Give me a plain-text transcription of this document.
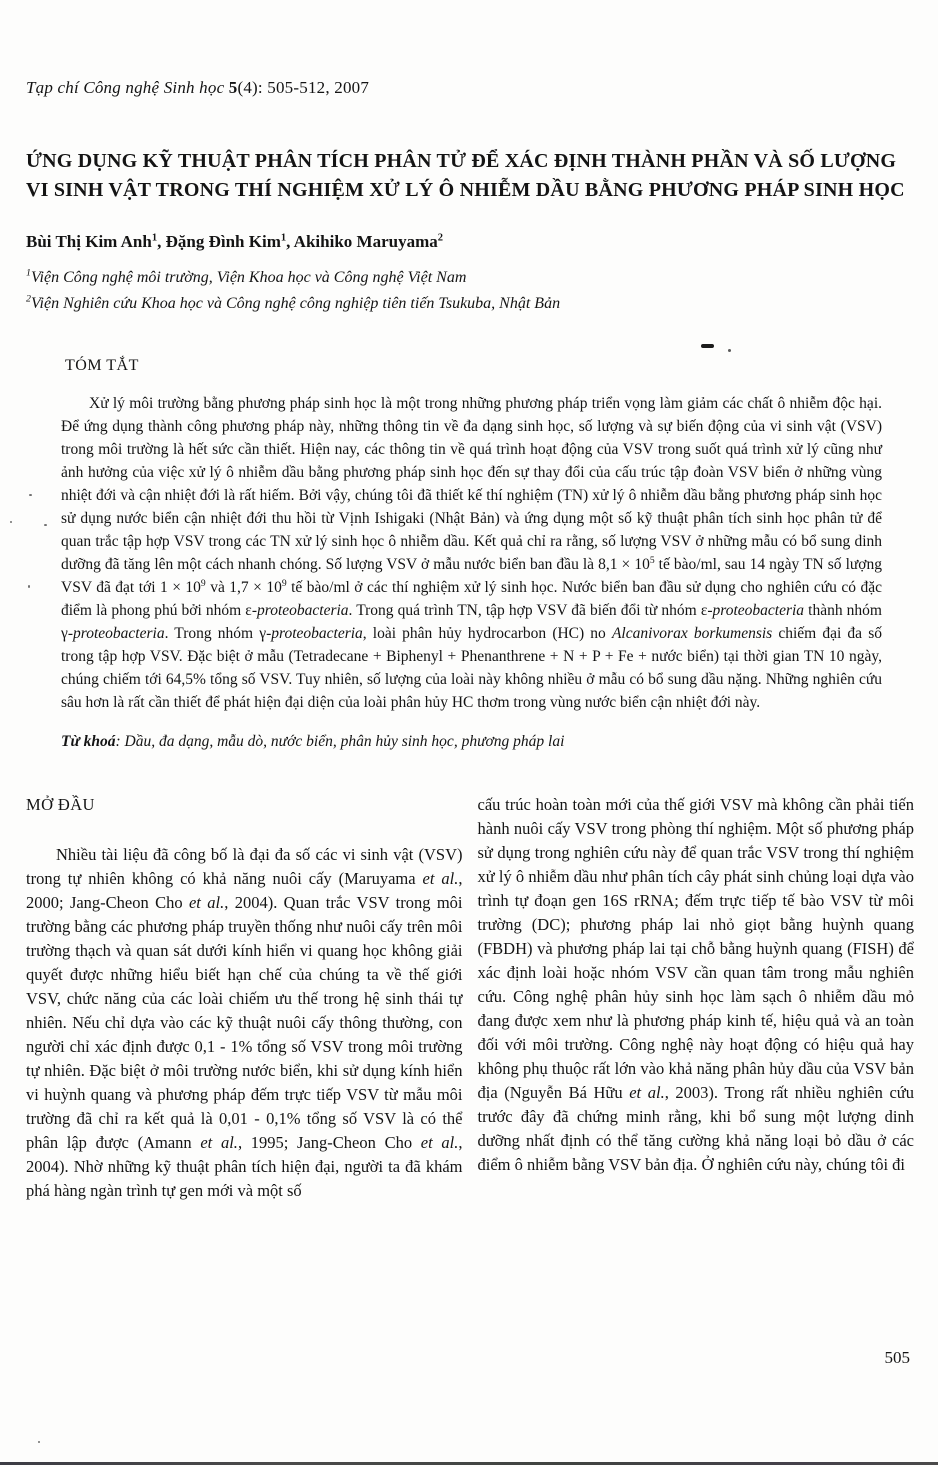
Tạp chí Công nghệ Sinh học 5(4): 505-512, 2007
ỨNG DỤNG KỸ THUẬT PHÂN TÍCH PHÂN TỬ ĐỂ XÁC ĐỊNH THÀNH PHẦN VÀ SỐ LƯỢNG VI SINH VẬT TRONG THÍ NGHIỆM XỬ LÝ Ô NHIỄM DẦU BẰNG PHƯƠNG PHÁP SINH HỌC
Bùi Thị Kim Anh$^1$, Đặng Đình Kim$^1$, Akihiko Maruyama$^2$
$^1$Viện Công nghệ môi trường, Viện Khoa học và Công nghệ Việt Nam
$^2$Viện Nghiên cứu Khoa học và Công nghệ công nghiệp tiên tiến Tsukuba, Nhật Bản
TÓM TẮT

Xử lý môi trường bằng phương pháp sinh học là một trong những phương pháp triển vọng làm giảm các chất ô nhiễm độc hại. Để ứng dụng thành công phương pháp này, những thông tin về đa dạng sinh học, số lượng và sự biến động của vi sinh vật (VSV) trong môi trường là hết sức cần thiết. Hiện nay, các thông tin về quá trình hoạt động của VSV trong suốt quá trình xử lý cũng như ảnh hưởng của việc xử lý ô nhiễm dầu bằng phương pháp sinh học đến sự thay đổi của cấu trúc tập đoàn VSV biển ở những vùng nhiệt đới và cận nhiệt đới là rất hiếm. Bởi vậy, chúng tôi đã thiết kế thí nghiệm (TN) xử lý ô nhiễm dầu bằng phương pháp sinh học sử dụng nước biển cận nhiệt đới thu hồi từ Vịnh Ishigaki (Nhật Bản) và ứng dụng một số kỹ thuật phân tích sinh học phân tử để quan trắc tập hợp VSV trong các TN xử lý sinh học ô nhiễm dầu. Kết quả chỉ ra rằng, số lượng VSV ở những mẫu có bổ sung dinh dưỡng đã tăng lên một cách nhanh chóng. Số lượng VSV ở mẫu nước biển ban đầu là $8,1 \times 10^5$ tế bào/ml, sau 14 ngày TN số lượng VSV đã đạt tới $1 \times 10^9$ và $1,7 \times 10^9$ tế bào/ml ở các thí nghiệm xử lý sinh học. Nước biển ban đầu sử dụng cho nghiên cứu có đặc điểm là phong phú bởi nhóm ε-proteobacteria. Trong quá trình TN, tập hợp VSV đã biến đổi từ nhóm ε-proteobacteria thành nhóm γ-proteobacteria. Trong nhóm γ-proteobacteria, loài phân hủy hydrocarbon (HC) no Alcanivorax borkumensis chiếm đại đa số trong tập hợp VSV. Đặc biệt ở mẫu (Tetradecane + Biphenyl + Phenanthrene + N + P + Fe + nước biển) tại thời gian TN 10 ngày, chúng chiếm tới 64,5% tổng số VSV. Tuy nhiên, số lượng của loài này không nhiều ở mẫu có bổ sung dầu nặng. Những nghiên cứu sâu hơn là rất cần thiết để phát hiện đại diện của loài phân hủy HC thơm trong vùng nước biển cận nhiệt đới này.

Từ khoá: Dầu, đa dạng, mẫu dò, nước biển, phân hủy sinh học, phương pháp lai
MỞ ĐẦU

Nhiều tài liệu đã công bố là đại đa số các vi sinh vật (VSV) trong tự nhiên không có khả năng nuôi cấy (Maruyama et al., 2000; Jang-Cheon Cho et al., 2004). Quan trắc VSV trong môi trường bằng các phương pháp truyền thống như nuôi cấy trên môi trường thạch và quan sát dưới kính hiển vi quang học không giải quyết được những hiểu biết hạn chế của chúng ta về thế giới VSV, chức năng của các loài chiếm ưu thế trong hệ sinh thái tự nhiên. Nếu chỉ dựa vào các kỹ thuật nuôi cấy thông thường, con người chỉ xác định được 0,1 - 1% tổng số VSV trong môi trường tự nhiên. Đặc biệt ở môi trường nước biển, khi sử dụng kính hiển vi huỳnh quang và phương pháp đếm trực tiếp VSV từ mẫu môi trường đã chỉ ra kết quả là 0,01 - 0,1% tổng số VSV là có thể phân lập được (Amann et al., 1995; Jang-Cheon Cho et al., 2004). Nhờ những kỹ thuật phân tích hiện đại, người ta đã khám phá hàng ngàn trình tự gen mới và một số

cấu trúc hoàn toàn mới của thế giới VSV mà không cần phải tiến hành nuôi cấy VSV trong phòng thí nghiệm. Một số phương pháp sử dụng trong nghiên cứu này để quan trắc VSV trong thí nghiệm xử lý ô nhiễm dầu như phân tích cây phát sinh chủng loại dựa vào trình tự đoạn gen 16S rRNA; đếm trực tiếp tế bào VSV từ môi trường (DC); phương pháp lai nhỏ giọt bằng huỳnh quang (FBDH) và phương pháp lai tại chỗ bằng huỳnh quang (FISH) để xác định loài hoặc nhóm VSV cần quan tâm trong mẫu nghiên cứu. Công nghệ phân hủy sinh học làm sạch ô nhiễm dầu mỏ đang được xem như là phương pháp kinh tế, hiệu quả và an toàn đối với môi trường. Công nghệ này hoạt động có hiệu quả hay không phụ thuộc rất lớn vào khả năng phân hủy dầu của VSV bản địa (Nguyễn Bá Hữu et al., 2003). Trong rất nhiều nghiên cứu trước đây đã chứng minh rằng, khi bổ sung một lượng dinh dưỡng nhất định có thể tăng cường khả năng loại bỏ dầu ở các điểm ô nhiễm bằng VSV bản địa. Ở nghiên cứu này, chúng tôi đi

505
